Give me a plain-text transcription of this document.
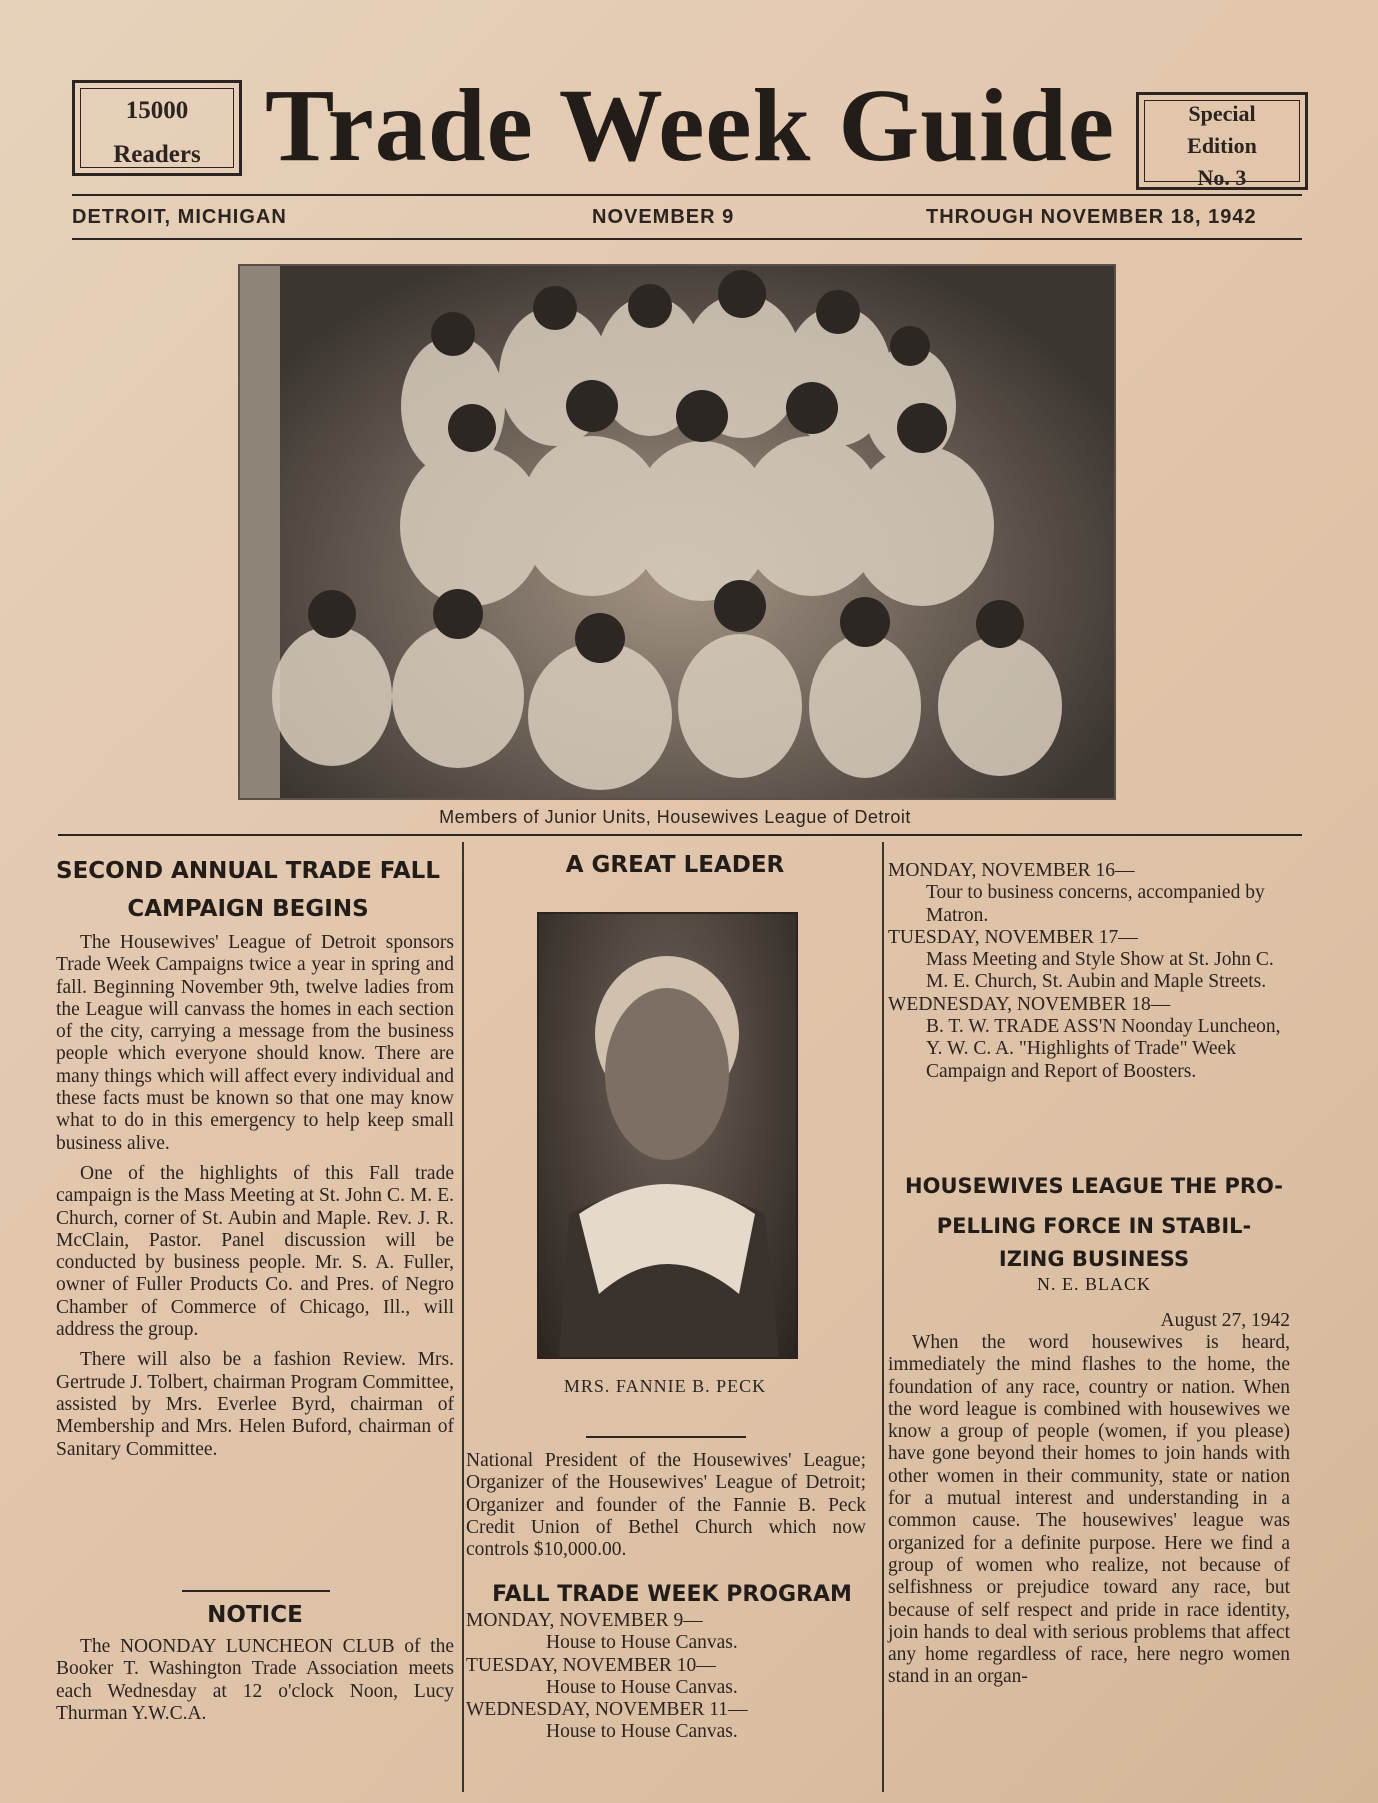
15000
Readers Trade Week Guide	Special
Edition
No. 3
DETROIT, MICHIGAN	NOVEMBER 9	THROUGH NOVEMBER 18, 1942
Members of Junior Units, Housewives League of Detroit
SECOND ANNUAL TRADE FALL
CAMPAIGN BEGINS

The Housewives' League of Detroit sponsors Trade Week Campaigns twice a year in spring and fall. Beginning November 9th, twelve ladies from the League will canvass the homes in each section of the city, carrying a message from the business people which everyone should know. There are many things which will affect every individual and these facts must be known so that one may know what to do in this emergency to help keep small business alive.

One of the highlights of this Fall trade campaign is the Mass Meeting at St. John C. M. E. Church, corner of St. Aubin and Maple. Rev. J. R. McClain, Pastor. Panel discussion will be conducted by business people. Mr. S. A. Fuller, owner of Fuller Products Co. and Pres. of Negro Chamber of Commerce of Chicago, Ill., will address the group.

There will also be a fashion Review. Mrs. Gertrude J. Tolbert, chairman Program Committee, assisted by Mrs. Everlee Byrd, chairman of Membership and Mrs. Helen Buford, chairman of Sanitary Committee.

NOTICE

The NOONDAY LUNCHEON CLUB of the Booker T. Washington Trade Association meets each Wednesday at 12 o'clock Noon, Lucy Thurman Y.W.C.A.

A GREAT LEADER
MRS. FANNIE B. PECK

National President of the Housewives' League; Organizer of the Housewives' League of Detroit; Organizer and founder of the Fannie B. Peck Credit Union of Bethel Church which now controls $10,000.00.

FALL TRADE WEEK PROGRAM

MONDAY, NOVEMBER 9—

House to House Canvas.

TUESDAY, NOVEMBER 10—

House to House Canvas.

WEDNESDAY, NOVEMBER 11—

House to House Canvas.

MONDAY, NOVEMBER 16—

Tour to business concerns, accompanied by Matron.

TUESDAY, NOVEMBER 17—

Mass Meeting and Style Show at St. John C. M. E. Church, St. Aubin and Maple Streets.

WEDNESDAY, NOVEMBER 18—

B. T. W. TRADE ASS'N Noonday Luncheon, Y. W. C. A. "Highlights of Trade" Week Campaign and Report of Boosters.

HOUSEWIVES LEAGUE THE PRO-
PELLING FORCE IN STABIL-
IZING BUSINESS
N. E. BLACK
August 27, 1942

When the word housewives is heard, immediately the mind flashes to the home, the foundation of any race, country or nation. When the word league is combined with housewives we know a group of people (women, if you please) have gone beyond their homes to join hands with other women in their community, state or nation for a mutual interest and understanding in a common cause. The housewives' league was organized for a definite purpose. Here we find a group of women who realize, not because of selfishness or prejudice toward any race, but because of self respect and pride in race identity, join hands to deal with serious problems that affect any home regardless of race, here negro women stand in an organ-
